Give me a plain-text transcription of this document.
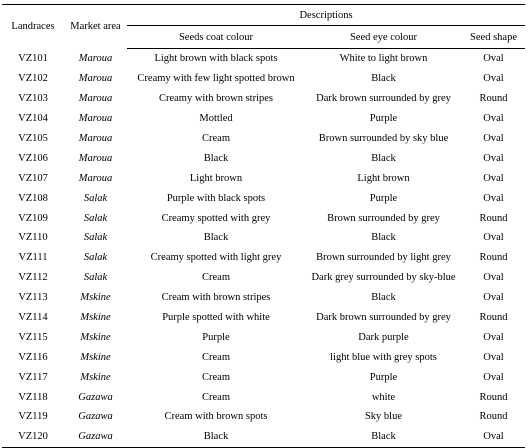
Landraces	Market area	Descriptions		
		Seeds coat colour	Seed eye colour	Seed shape
VZ101	Maroua	Light brown with black spots	White to light brown	Oval
VZ102	Maroua	Creamy with few light spotted brown	Black	Oval
VZ103	Maroua	Creamy with brown stripes	Dark brown surrounded by grey	Round
VZ104	Maroua	Mottled	Purple	Oval
VZ105	Maroua	Cream	Brown surrounded by sky blue	Oval
VZ106	Maroua	Black	Black	Oval
VZ107	Maroua	Light brown	Light brown	Oval
VZ108	Salak	Purple with black spots	Purple	Oval
VZ109	Salak	Creamy spotted with grey	Brown surrounded by grey	Round
VZ110	Salak	Black	Black	Oval
VZ111	Salak	Creamy spotted with light grey	Brown surrounded by light grey	Round
VZ112	Salak	Cream	Dark grey surrounded by sky-blue	Oval
VZ113	Mskine	Cream with brown stripes	Black	Oval
VZ114	Mskine	Purple spotted with white	Dark brown surrounded by grey	Round
VZ115	Mskine	Purple	Dark purple	Oval
VZ116	Mskine	Cream	light blue with grey spots	Oval
VZ117	Mskine	Cream	Purple	Oval
VZ118	Gazawa	Cream	white	Round
VZ119	Gazawa	Cream with brown spots	Sky blue	Round
VZ120	Gazawa	Black	Black	Oval
